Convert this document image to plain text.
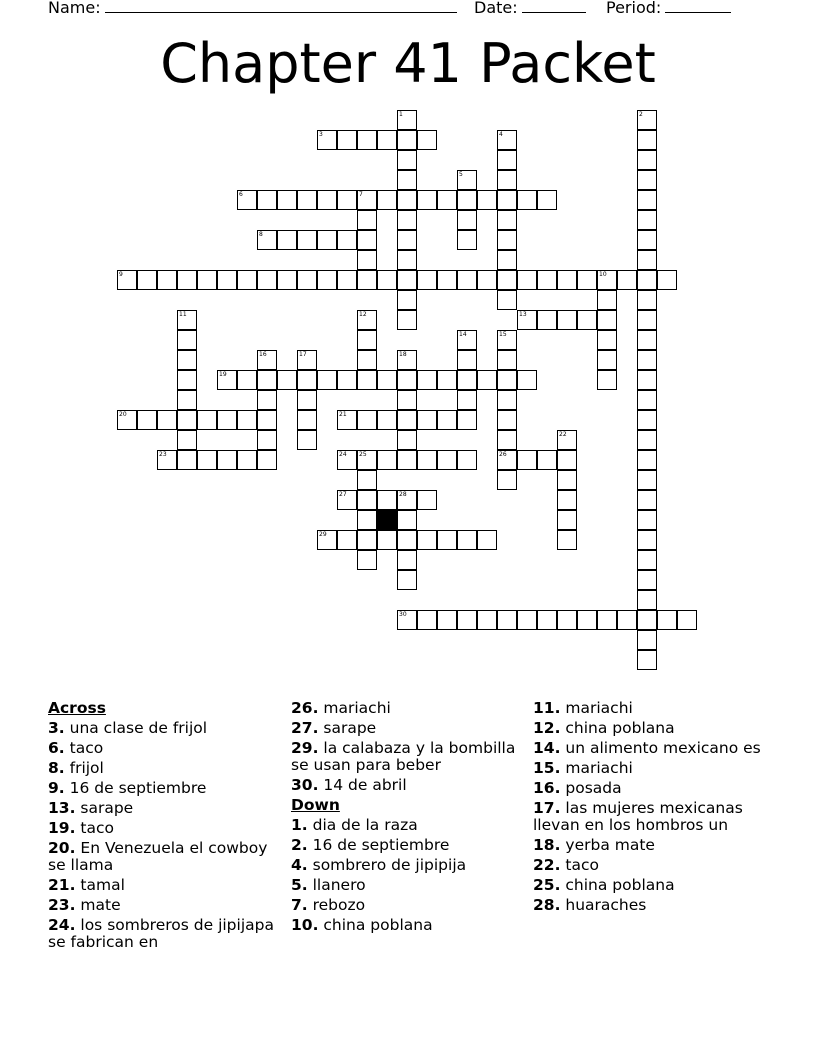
Name:	Date:	Period:
Chapter 41 Packet
1	2
3	4
5
6	7
8
9	10
11	12	13
14	15
26
16	17	18
19
20	21
22
23	24 25
27	28
29
30
Across
3. una clase de frijol
6. taco
8. frijol
9. 16 de septiembre
13. sarape
19. taco
20. En Venezuela el cowboy se llama
21. tamal
23. mate
24. los sombreros de jipijapa se fabrican en
26. mariachi
27. sarape
29. la calabaza y la bombilla se usan para beber
30. 14 de abril
Down
1. dia de la raza
2. 16 de septiembre
4. sombrero de jipipija
5. llanero
7. rebozo
10. china poblana
11. mariachi
12. china poblana
14. un alimento mexicano es
15. mariachi
16. posada
17. las mujeres mexicanas llevan en los hombros un
18. yerba mate
22. taco
25. china poblana
28. huaraches
